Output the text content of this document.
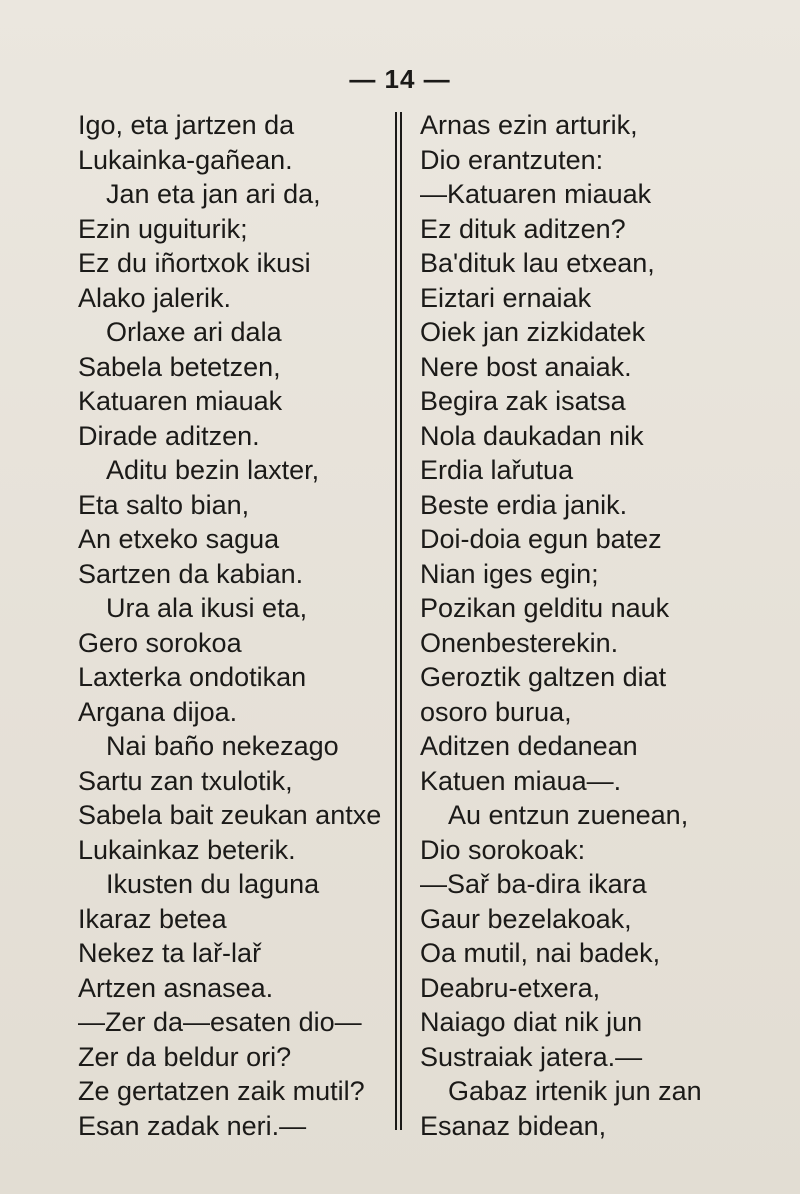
— 14 —
Igo, eta jartzen da
Lukainka-gañean.
Jan eta jan ari da,
Ezin uguiturik;
Ez du iñortxok ikusi
Alako jalerik.
Orlaxe ari dala
Sabela betetzen,
Katuaren miauak
Dirade aditzen.
Aditu bezin laxter,
Eta salto bian,
An etxeko sagua
Sartzen da kabian.
Ura ala ikusi eta,
Gero sorokoa
Laxterka ondotikan
Argana dijoa.
Nai baño nekezago
Sartu zan txulotik,
Sabela bait zeukan antxe
Lukainkaz beterik.
Ikusten du laguna
Ikaraz betea
Nekez ta lař-lař
Artzen asnasea.
—Zer da—esaten dio—
Zer da beldur ori?
Ze gertatzen zaik mutil?
Esan zadak neri.—
Arnas ezin arturik,
Dio erantzuten:
—Katuaren miauak
Ez dituk aditzen?
Ba'dituk lau etxean,
Eiztari ernaiak
Oiek jan zizkidatek
Nere bost anaiak.
Begira zak isatsa
Nola daukadan nik
Erdia lařutua
Beste erdia janik.
Doi-doia egun batez
Nian iges egin;
Pozikan gelditu nauk
Onenbesterekin.
Geroztik galtzen diat
osoro burua,
Aditzen dedanean
Katuen miaua—.
Au entzun zuenean,
Dio sorokoak:
—Sař ba-dira ikara
Gaur bezelakoak,
Oa mutil, nai badek,
Deabru-etxera,
Naiago diat nik jun
Sustraiak jatera.—
Gabaz irtenik jun zan
Esanaz bidean,
